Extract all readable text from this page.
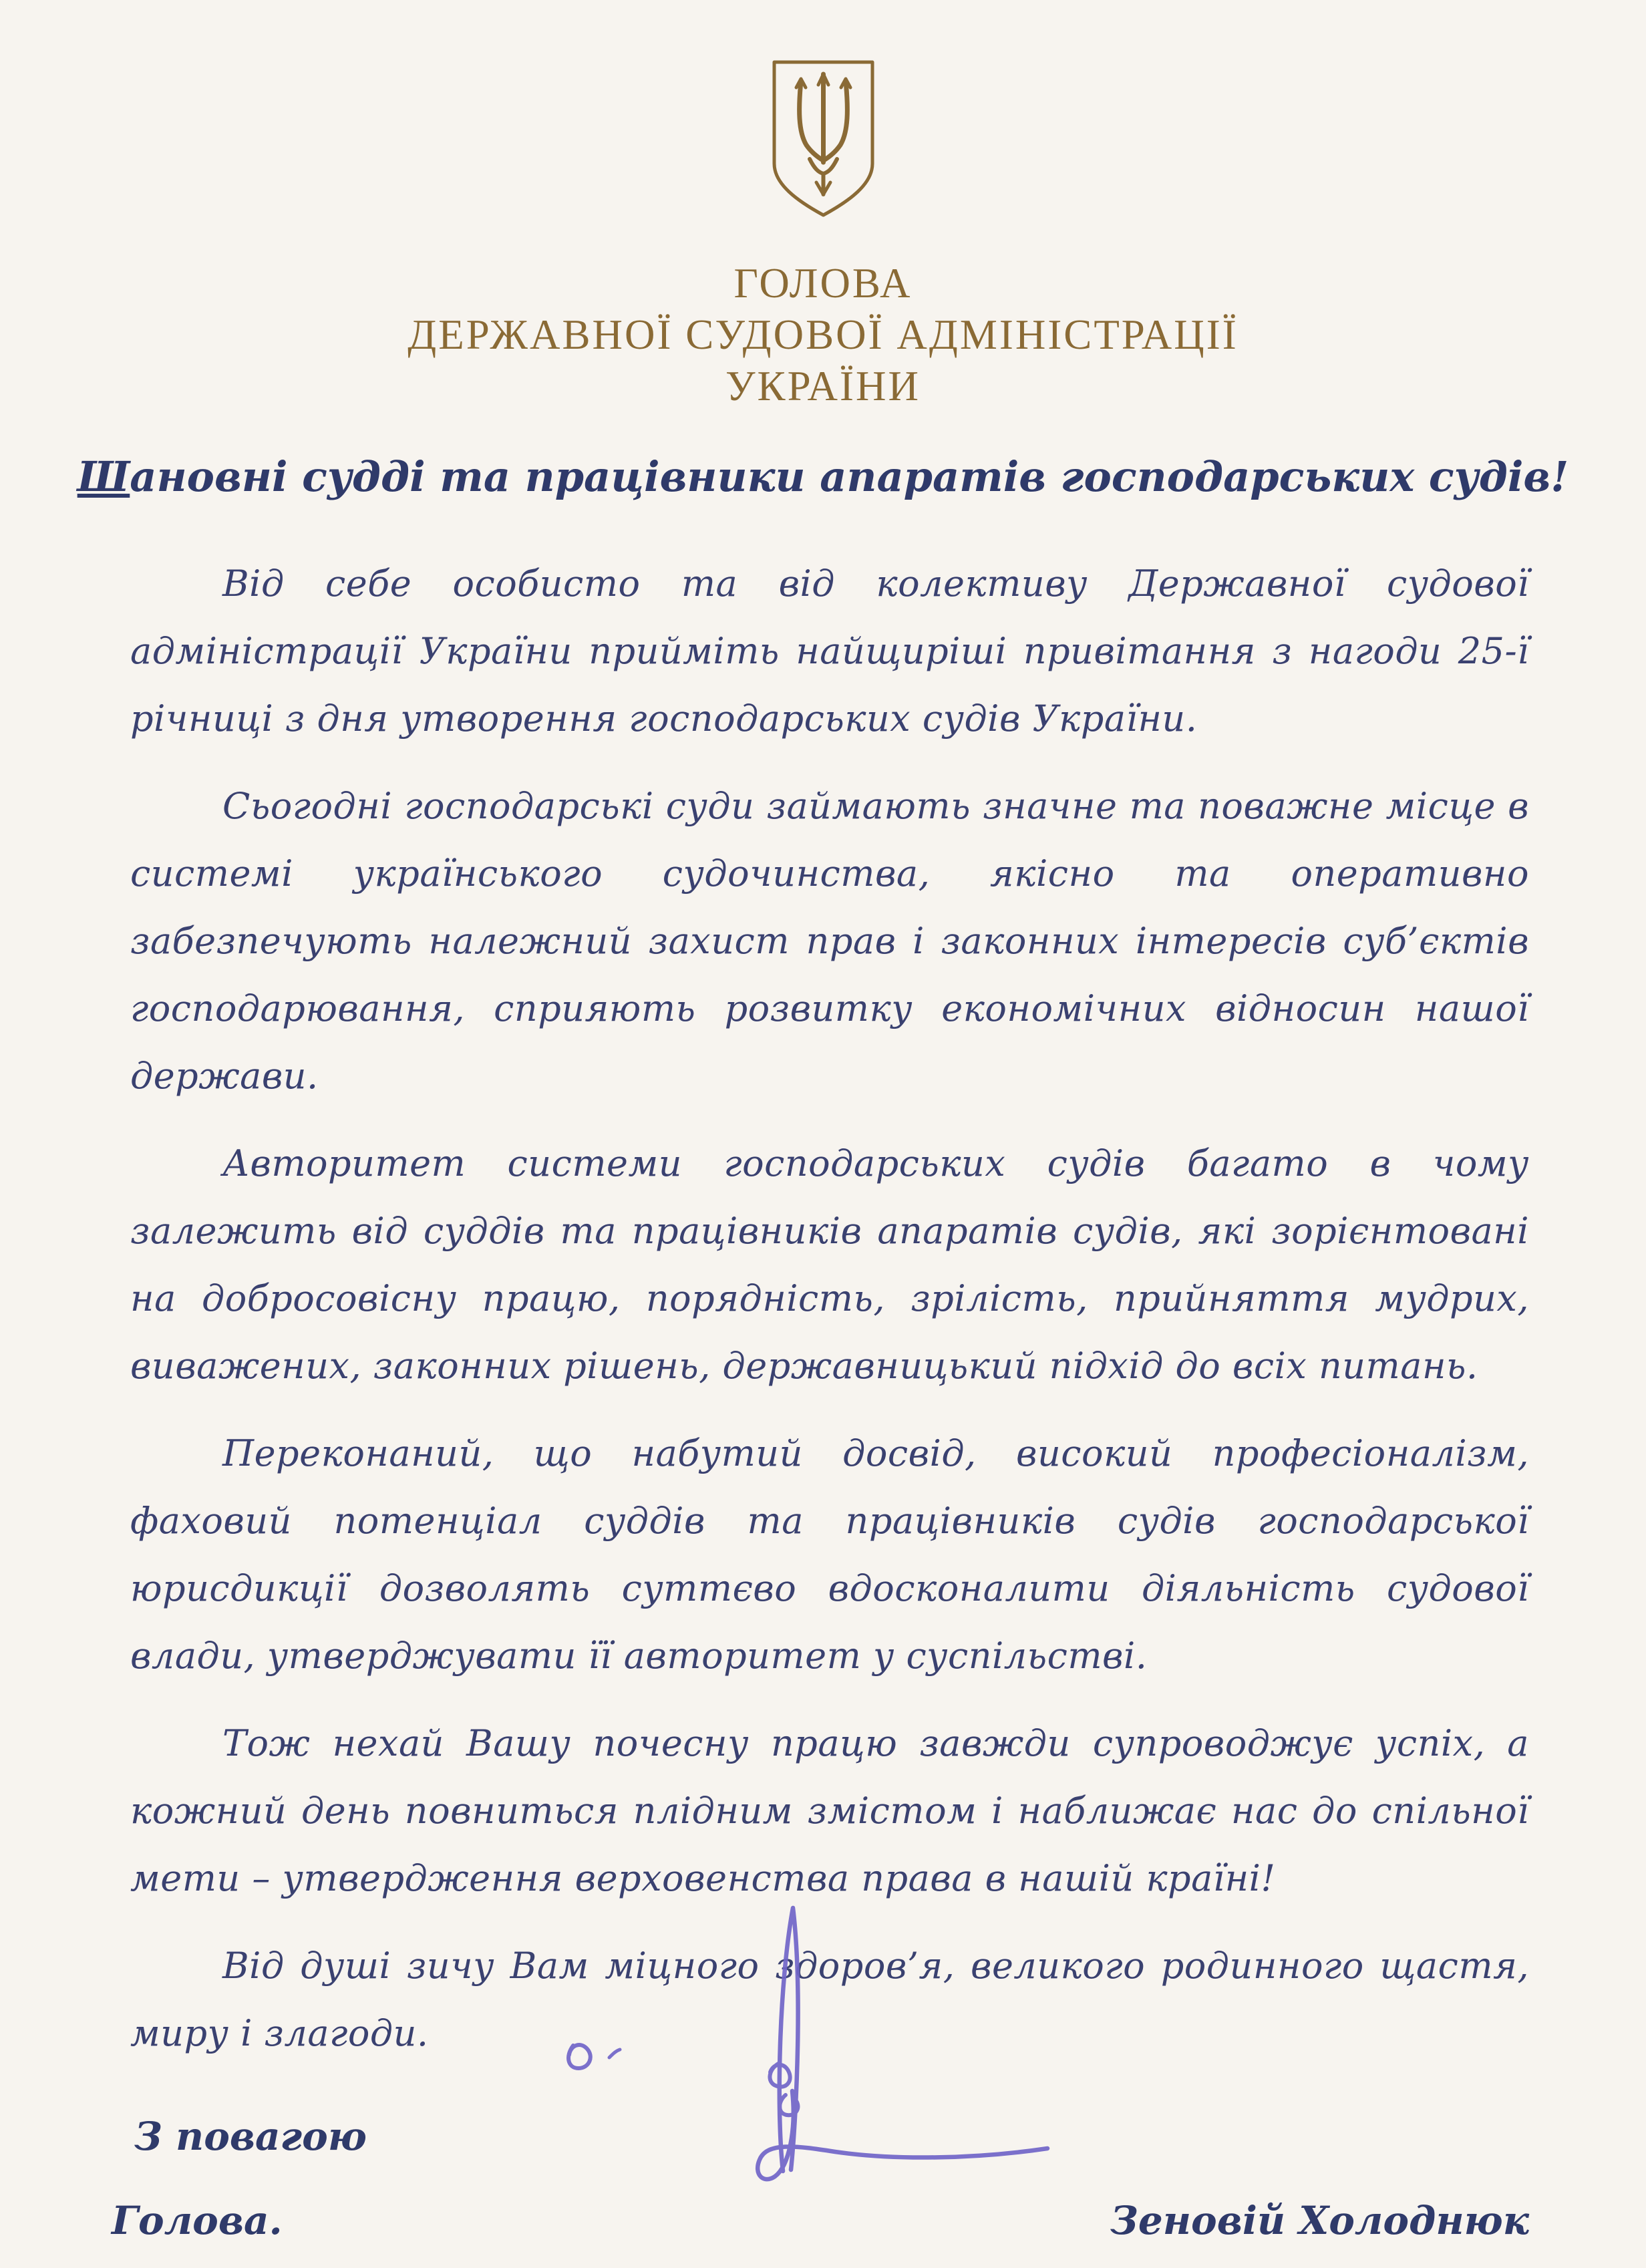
ГОЛОВА
ДЕРЖАВНОЇ СУДОВОЇ АДМІНІСТРАЦІЇ
УКРАЇНИ
Шановні судді та працівники апаратів господарських судів!

Від себе особисто та від колективу Державної судової адміністрації України прийміть найщиріші привітання з нагоди 25-ї річниці з дня утворення господарських судів України.

Сьогодні господарські суди займають значне та поважне місце в системі українського судочинства, якісно та оперативно забезпечують належний захист прав і законних інтересів суб’єктів господарювання, сприяють розвитку економічних відносин нашої держави.

Авторитет системи господарських судів багато в чому залежить від суддів та працівників апаратів судів, які зорієнтовані на добросовісну працю, порядність, зрілість, прийняття мудрих, виважених, законних рішень, державницький підхід до всіх питань.

Переконаний, що набутий досвід, високий професіоналізм, фаховий потенціал суддів та працівників судів господарської юрисдикції дозволять суттєво вдосконалити діяльність судової влади, утверджувати її авторитет у суспільстві.

Тож нехай Вашу почесну працю завжди супроводжує успіх, а кожний день повниться плідним змістом і наближає нас до спільної мети – утвердження верховенства права в нашій країні!

Від душі зичу Вам міцного здоров’я, великого родинного щастя, миру і злагоди.

З повагою
Голова.	Зеновій Холоднюк
